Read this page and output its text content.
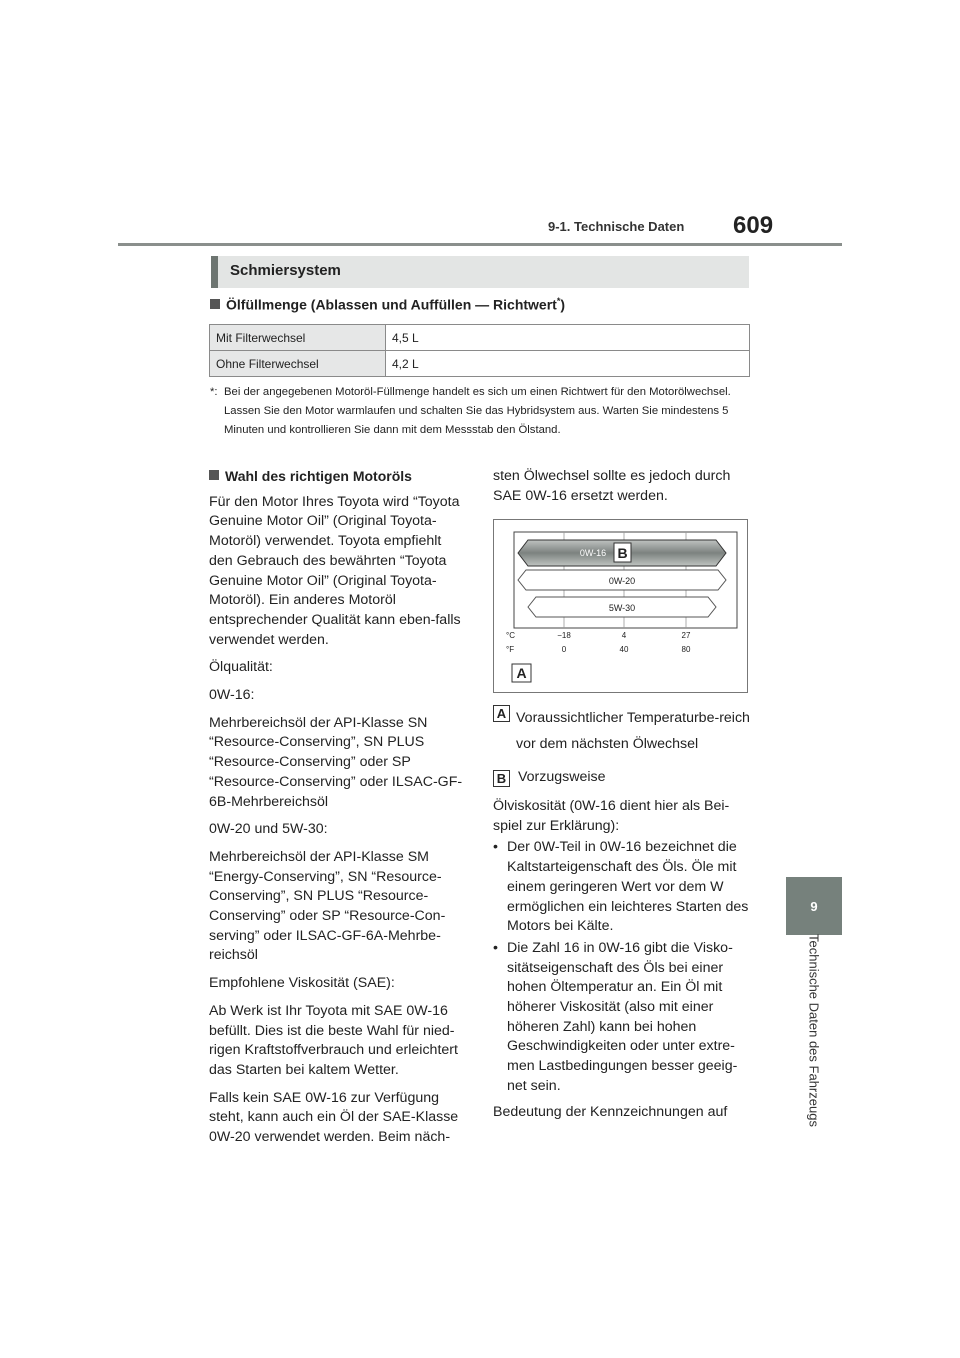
9-1. Technische Daten 609
9
Technische Daten des Fahrzeugs
Schmiersystem
Ölfüllmenge (Ablassen und Auffüllen — Richtwert*)
Mit Filterwechsel	4,5 L
Ohne Filterwechsel	4,2 L
*: Bei der angegebenen Motoröl-Füllmenge handelt es sich um einen Richtwert für den Motorölwechsel. Lassen Sie den Motor warmlaufen und schalten Sie das Hybridsystem aus. Warten Sie mindestens 5 Minuten und kontrollieren Sie dann mit dem Messstab den Ölstand.
Wahl des richtigen Motoröls

Für den Motor Ihres Toyota wird “Toyota Genuine Motor Oil” (Original Toyota-Motoröl) verwendet. Toyota empfiehlt den Gebrauch des bewährten “Toyota Genuine Motor Oil” (Original Toyota-Motoröl). Ein anderes Motoröl entsprechender Qualität kann eben-falls verwendet werden.

Ölqualität:

0W-16:

Mehrbereichsöl der API-Klasse SN “Resource-Conserving”, SN PLUS “Resource-Conserving” oder SP “Resource-Conserving” oder ILSAC-GF-6B-Mehrbereichsöl

0W-20 und 5W-30:

Mehrbereichsöl der API-Klasse SM “Energy-Conserving”, SN “Resource-Conserving”, SN PLUS “Resource-Conserving” oder SP “Resource-Con-serving” oder ILSAC-GF-6A-Mehrbe-reichsöl

Empfohlene Viskosität (SAE):

Ab Werk ist Ihr Toyota mit SAE 0W-16 befüllt. Dies ist die beste Wahl für nied-rigen Kraftstoffverbrauch und erleichtert das Starten bei kaltem Wetter.

Falls kein SAE 0W-16 zur Verfügung steht, kann auch ein Öl der SAE-Klasse 0W-20 verwendet werden. Beim näch-

sten Ölwechsel sollte es jedoch durch SAE 0W-16 ersetzt werden.
0W-16 B
0W-20
5W-30
°C
°F
−18	4	27
0	40	80
A
A Voraussichtlicher Temperaturbe-reich vor dem nächsten Ölwechsel
B Vorzugsweise

Ölviskosität (0W-16 dient hier als Bei-spiel zur Erklärung):

• Der 0W-Teil in 0W-16 bezeichnet die Kaltstarteigenschaft des Öls. Öle mit einem geringeren Wert vor dem W ermöglichen ein leichteres Starten des Motors bei Kälte.
• Die Zahl 16 in 0W-16 gibt die Visko-sitätseigenschaft des Öls bei einer hohen Öltemperatur an. Ein Öl mit höherer Viskosität (also mit einer höheren Zahl) kann bei hohen Geschwindigkeiten oder unter extre-men Lastbedingungen besser geeig-net sein.

Bedeutung der Kennzeichnungen auf
